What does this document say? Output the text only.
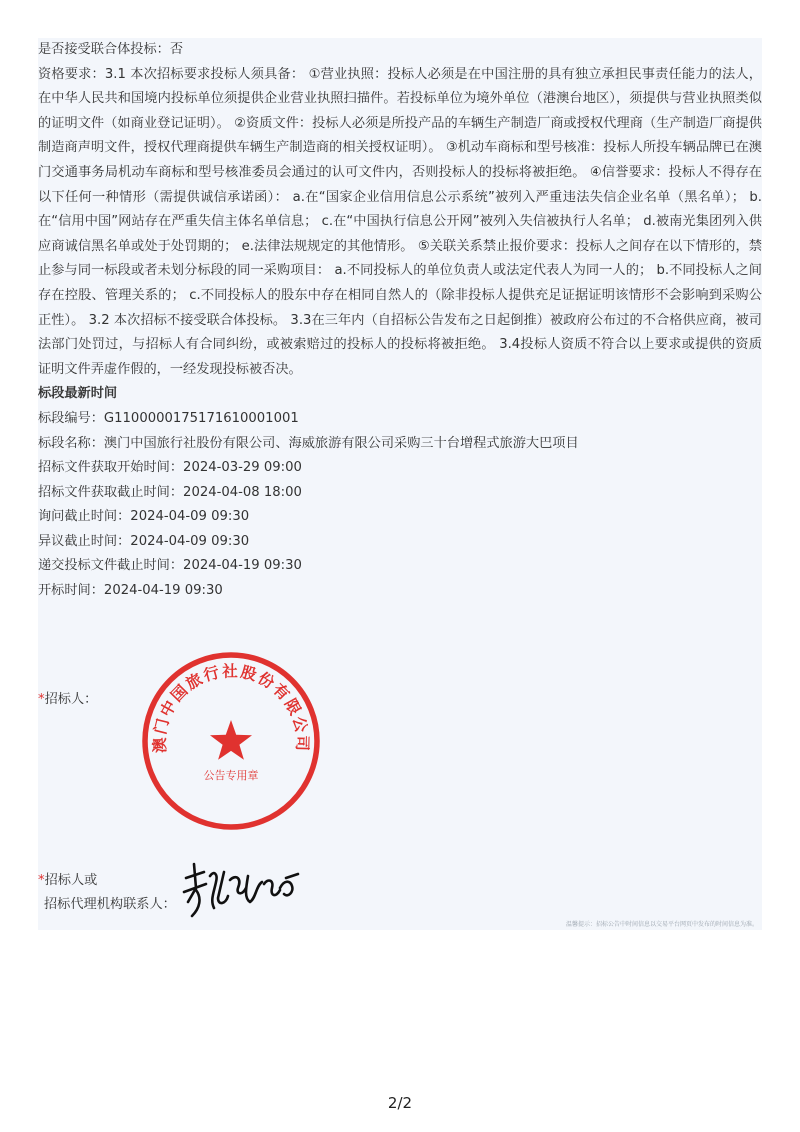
是否接受联合体投标：否

资格要求：3.1 本次招标要求投标人须具备： ①营业执照：投标人必须是在中国注册的具有独立承担民事责任能力的法人，在中华人民共和国境内投标单位须提供企业营业执照扫描件。若投标单位为境外单位（港澳台地区），须提供与营业执照类似的证明文件（如商业登记证明）。 ②资质文件：投标人必须是所投产品的车辆生产制造厂商或授权代理商（生产制造厂商提供制造商声明文件，授权代理商提供车辆生产制造商的相关授权证明）。 ③机动车商标和型号核准：投标人所投车辆品牌已在澳门交通事务局机动车商标和型号核准委员会通过的认可文件内，否则投标人的投标将被拒绝。 ④信誉要求：投标人不得存在以下任何一种情形（需提供诚信承诺函）： a.在“国家企业信用信息公示系统”被列入严重违法失信企业名单（黑名单）； b.在“信用中国”网站存在严重失信主体名单信息； c.在“中国执行信息公开网”被列入失信被执行人名单； d.被南光集团列入供应商诚信黑名单或处于处罚期的； e.法律法规规定的其他情形。 ⑤关联关系禁止报价要求：投标人之间存在以下情形的，禁止参与同一标段或者未划分标段的同一采购项目： a.不同投标人的单位负责人或法定代表人为同一人的； b.不同投标人之间存在控股、管理关系的； c.不同投标人的股东中存在相同自然人的（除非投标人提供充足证据证明该情形不会影响到采购公正性）。 3.2 本次招标不接受联合体投标。 3.3在三年内（自招标公告发布之日起倒推）被政府公布过的不合格供应商，被司法部门处罚过，与招标人有合同纠纷，或被索赔过的投标人的投标将被拒绝。 3.4投标人资质不符合以上要求或提供的资质证明文件弄虚作假的，一经发现投标被否决。

标段最新时间

标段编号：G1100000175171610001001

标段名称：澳门中国旅行社股份有限公司、海威旅游有限公司采购三十台增程式旅游大巴项目

招标文件获取开始时间：2024-03-29 09:00

招标文件获取截止时间：2024-04-08 18:00

询问截止时间：2024-04-09 09:30

异议截止时间：2024-04-09 09:30

递交投标文件截止时间：2024-04-19 09:30

开标时间：2024-04-19 09:30

*招标人：
澳门中国旅行社股份有限公司
公告专用章
*招标人或
招标代理机构联系人：
温馨提示：招标公告中时间信息以交易平台网页中发布的时间信息为准。
2/2
